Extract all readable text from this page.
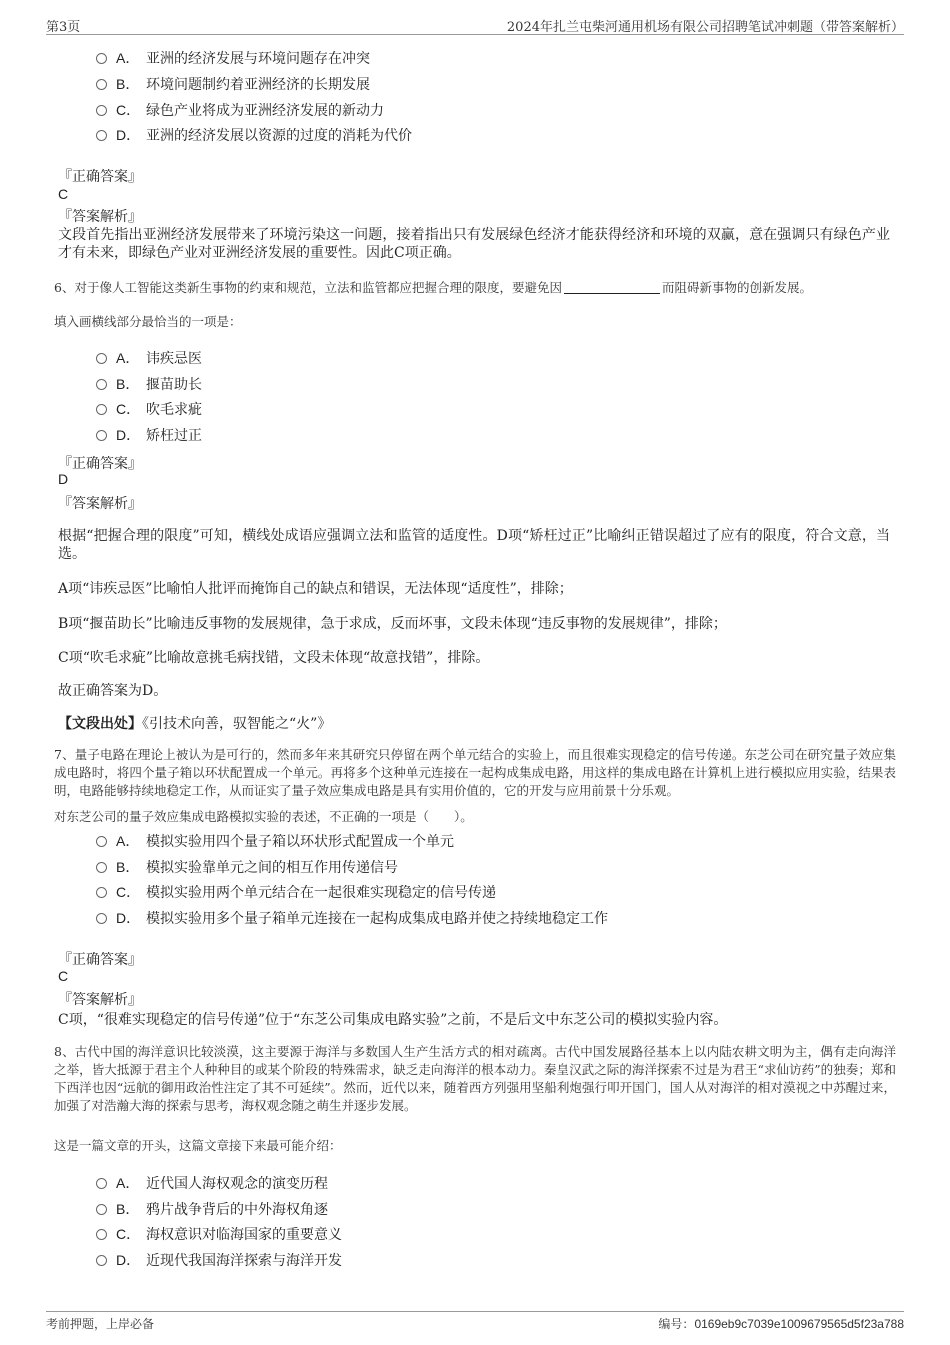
第3页	2024年扎兰屯柴河通用机场有限公司招聘笔试冲刺题（带答案解析）
A． 亚洲的经济发展与环境问题存在冲突
B． 环境问题制约着亚洲经济的长期发展
C． 绿色产业将成为亚洲经济发展的新动力
D． 亚洲的经济发展以资源的过度的消耗为代价
『正确答案』
C
『答案解析』
文段首先指出亚洲经济发展带来了环境污染这一问题，接着指出只有发展绿色经济才能获得经济和环境的双赢，意在强调只有绿色产业才有未来，即绿色产业对亚洲经济发展的重要性。因此C项正确。
6、对于像人工智能这类新生事物的约束和规范，立法和监管都应把握合理的限度，要避免因	而阻碍新事物的创新发展。
填入画横线部分最恰当的一项是：
A． 讳疾忌医
B． 揠苗助长
C． 吹毛求疵
D． 矫枉过正
『正确答案』
D
『答案解析』
根据“把握合理的限度”可知，横线处成语应强调立法和监管的适度性。D项“矫枉过正”比喻纠正错误超过了应有的限度，符合文意，当选。
A项“讳疾忌医”比喻怕人批评而掩饰自己的缺点和错误，无法体现“适度性”，排除；
B项“揠苗助长”比喻违反事物的发展规律，急于求成，反而坏事，文段未体现“违反事物的发展规律”，排除；
C项“吹毛求疵”比喻故意挑毛病找错，文段未体现“故意找错”，排除。
故正确答案为D。
【文段出处】《引技术向善，驭智能之“火”》
7、量子电路在理论上被认为是可行的，然而多年来其研究只停留在两个单元结合的实验上，而且很难实现稳定的信号传递。东芝公司在研究量子效应集成电路时，将四个量子箱以环状配置成一个单元。再将多个这种单元连接在一起构成集成电路，用这样的集成电路在计算机上进行模拟应用实验，结果表明，电路能够持续地稳定工作，从而证实了量子效应集成电路是具有实用价值的，它的开发与应用前景十分乐观。
对东芝公司的量子效应集成电路模拟实验的表述，不正确的一项是（　　）。
A． 模拟实验用四个量子箱以环状形式配置成一个单元
B． 模拟实验靠单元之间的相互作用传递信号
C． 模拟实验用两个单元结合在一起很难实现稳定的信号传递
D． 模拟实验用多个量子箱单元连接在一起构成集成电路并使之持续地稳定工作
『正确答案』
C
『答案解析』
C项，“很难实现稳定的信号传递”位于“东芝公司集成电路实验”之前，不是后文中东芝公司的模拟实验内容。
8、古代中国的海洋意识比较淡漠，这主要源于海洋与多数国人生产生活方式的相对疏离。古代中国发展路径基本上以内陆农耕文明为主，偶有走向海洋之举，皆大抵源于君主个人种种目的或某个阶段的特殊需求，缺乏走向海洋的根本动力。秦皇汉武之际的海洋探索不过是为君王“求仙访药”的独奏；郑和下西洋也因“远航的御用政治性注定了其不可延续”。然而，近代以来，随着西方列强用坚船利炮强行叩开国门，国人从对海洋的相对漠视之中苏醒过来，加强了对浩瀚大海的探索与思考，海权观念随之萌生并逐步发展。
这是一篇文章的开头，这篇文章接下来最可能介绍：
A． 近代国人海权观念的演变历程
B． 鸦片战争背后的中外海权角逐
C． 海权意识对临海国家的重要意义
D． 近现代我国海洋探索与海洋开发
考前押题，上岸必备	编号：0169eb9c7039e1009679565d5f23a788
